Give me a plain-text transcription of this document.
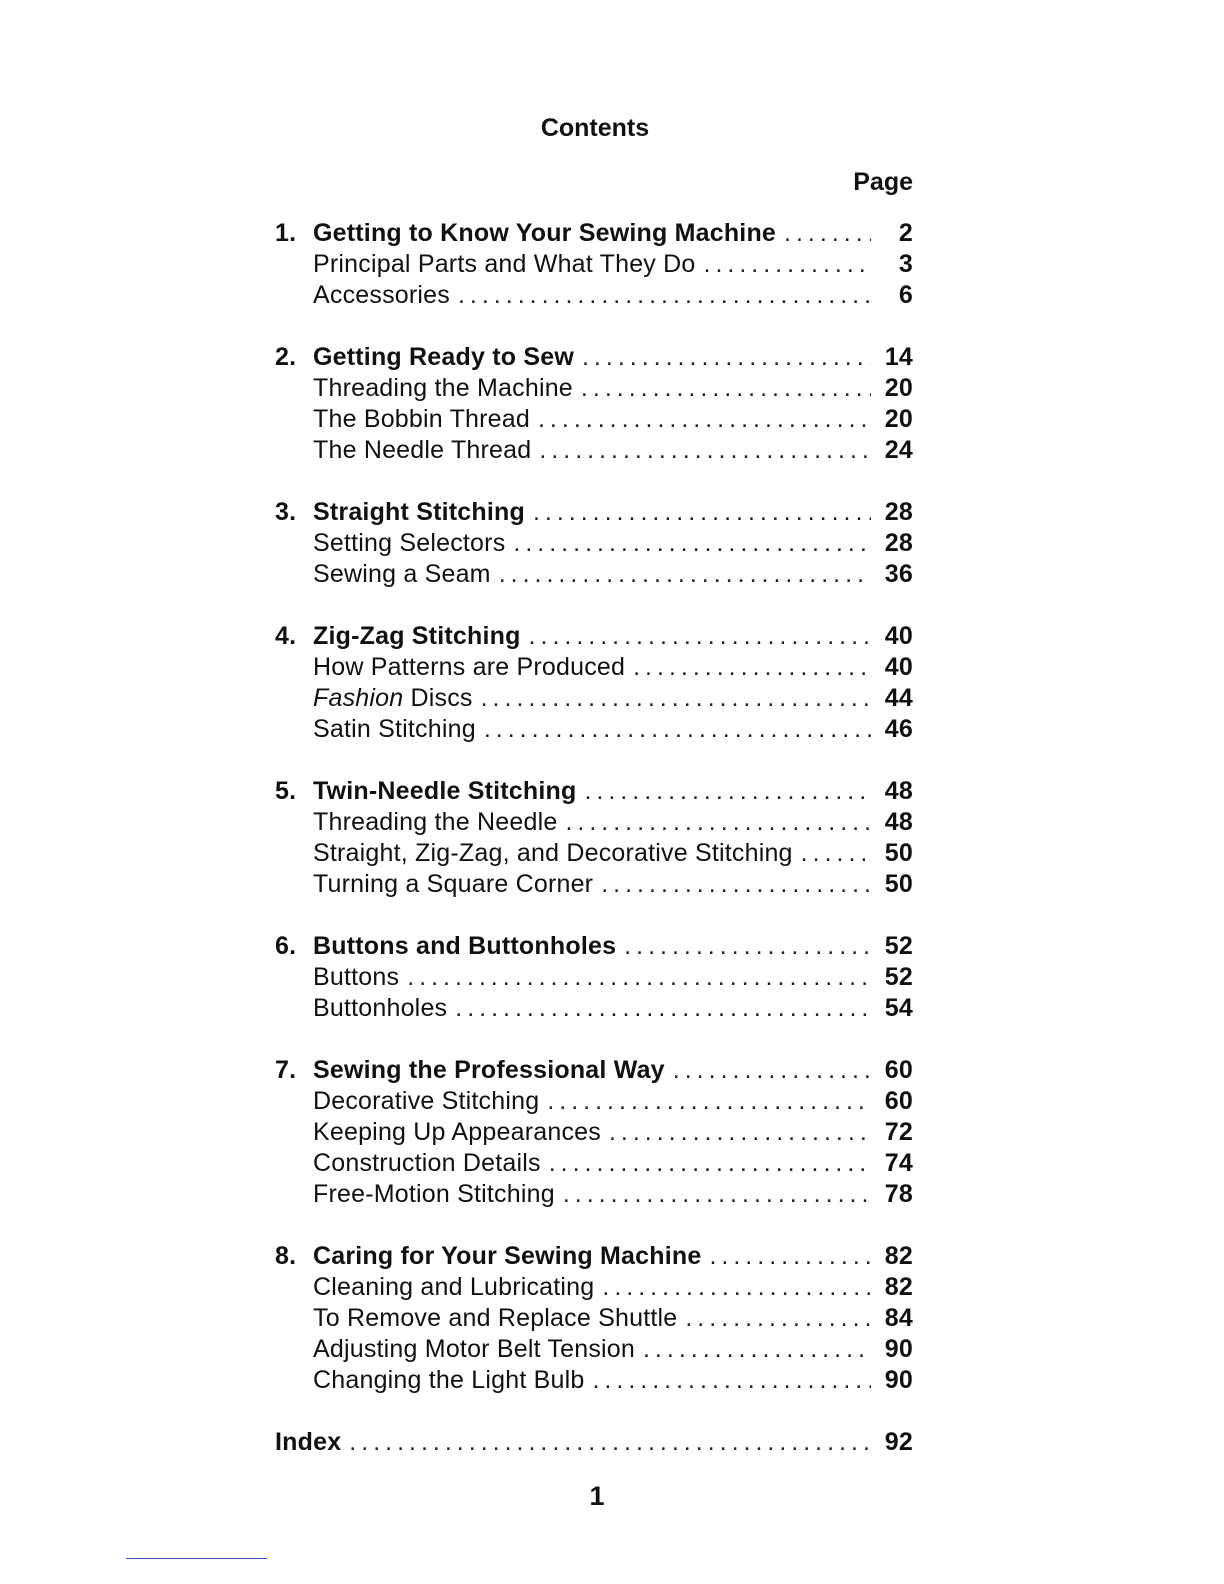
Contents
Page
1. Getting to Know Your Sewing Machine .....	2
Principal Parts and What They Do .....	3
Accessories .....	6
2. Getting Ready to Sew .....	14
Threading the Machine .....	20
The Bobbin Thread .....	20
The Needle Thread .....	24
3. Straight Stitching .....	28
Setting Selectors .....	28
Sewing a Seam .....	36
4. Zig-Zag Stitching .....	40
How Patterns are Produced .....	40
Fashion Discs .....	44
Satin Stitching .....	46
5. Twin-Needle Stitching .....	48
Threading the Needle .....	48
Straight, Zig-Zag, and Decorative Stitching .....	50
Turning a Square Corner .....	50
6. Buttons and Buttonholes .....	52
Buttons .....	52
Buttonholes .....	54
7. Sewing the Professional Way .....	60
Decorative Stitching .....	60
Keeping Up Appearances .....	72
Construction Details .....	74
Free-Motion Stitching .....	78
8. Caring for Your Sewing Machine .....	82
Cleaning and Lubricating .....	82
To Remove and Replace Shuttle .....	84
Adjusting Motor Belt Tension .....	90
Changing the Light Bulb .....	90
Index .....	92
1
